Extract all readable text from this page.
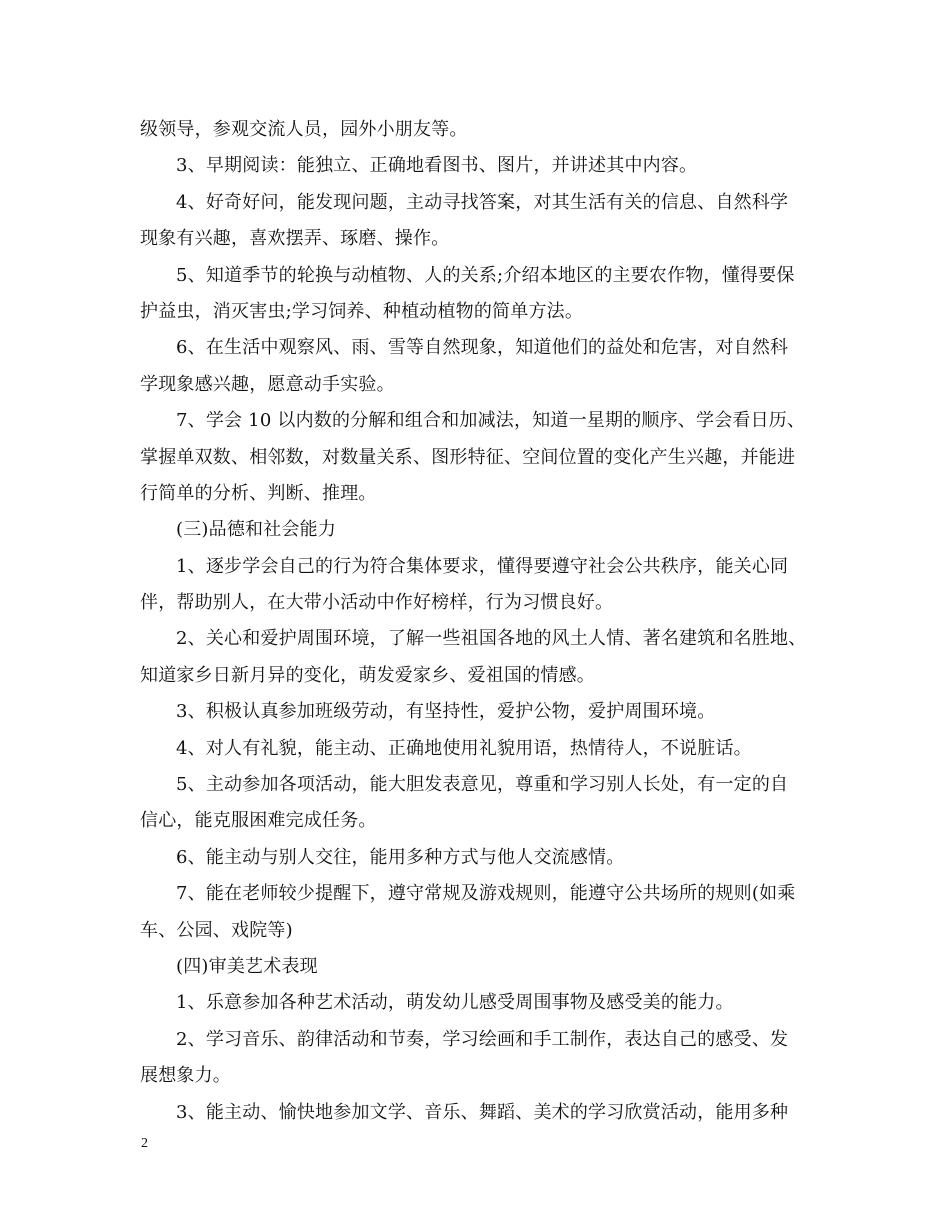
级领导，参观交流人员，园外小朋友等。
3、早期阅读：能独立、正确地看图书、图片，并讲述其中内容。
4、好奇好问，能发现问题，主动寻找答案，对其生活有关的信息、自然科学
现象有兴趣，喜欢摆弄、琢磨、操作。
5、知道季节的轮换与动植物、人的关系;介绍本地区的主要农作物，懂得要保
护益虫，消灭害虫;学习饲养、种植动植物的简单方法。
6、在生活中观察风、雨、雪等自然现象，知道他们的益处和危害，对自然科
学现象感兴趣，愿意动手实验。
7、学会 10 以内数的分解和组合和加减法，知道一星期的顺序、学会看日历、
掌握单双数、相邻数，对数量关系、图形特征、空间位置的变化产生兴趣，并能进
行简单的分析、判断、推理。
(三)品德和社会能力
1、逐步学会自己的行为符合集体要求，懂得要遵守社会公共秩序，能关心同
伴，帮助别人，在大带小活动中作好榜样，行为习惯良好。
2、关心和爱护周围环境，了解一些祖国各地的风土人情、著名建筑和名胜地、
知道家乡日新月异的变化，萌发爱家乡、爱祖国的情感。
3、积极认真参加班级劳动，有坚持性，爱护公物，爱护周围环境。
4、对人有礼貌，能主动、正确地使用礼貌用语，热情待人，不说脏话。
5、主动参加各项活动，能大胆发表意见，尊重和学习别人长处，有一定的自
信心，能克服困难完成任务。
6、能主动与别人交往，能用多种方式与他人交流感情。
7、能在老师较少提醒下，遵守常规及游戏规则，能遵守公共场所的规则(如乘
车、公园、戏院等)
(四)审美艺术表现
1、乐意参加各种艺术活动，萌发幼儿感受周围事物及感受美的能力。
2、学习音乐、韵律活动和节奏，学习绘画和手工制作，表达自己的感受、发
展想象力。
3、能主动、愉快地参加文学、音乐、舞蹈、美术的学习欣赏活动，能用多种
2
